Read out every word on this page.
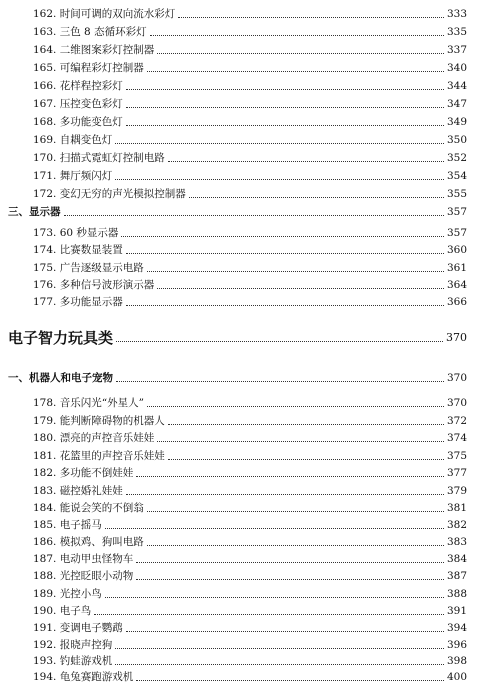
162. 时间可调的双向流水彩灯	333
163. 三色 8 态循环彩灯	335
164. 二维图案彩灯控制器	337
165. 可编程彩灯控制器	340
166. 花样程控彩灯	344
167. 压控变色彩灯	347
168. 多功能变色灯	349
169. 自耦变色灯	350
170. 扫描式霓虹灯控制电路	352
171. 舞厅频闪灯	354
172. 变幻无穷的声光模拟控制器	355
三、显示器	357
173. 60 秒显示器	357
174. 比赛数显装置	360
175. 广告逐级显示电路	361
176. 多种信号波形演示器	364
177. 多功能显示器	366
电子智力玩具类	370
一、机器人和电子宠物	370
178. 音乐闪光“外星人”	370
179. 能判断障碍物的机器人	372
180. 漂亮的声控音乐娃娃	374
181. 花篮里的声控音乐娃娃	375
182. 多功能不倒娃娃	377
183. 磁控婚礼娃娃	379
184. 能说会笑的不倒翁	381
185. 电子摇马	382
186. 模拟鸡、狗叫电路	383
187. 电动甲虫怪物车	384
188. 光控眨眼小动物	387
189. 光控小鸟	388
190. 电子鸟	391
191. 变调电子鹦鹉	394
192. 报晓声控狗	396
193. 钓蛙游戏机	398
194. 龟兔赛跑游戏机	400
